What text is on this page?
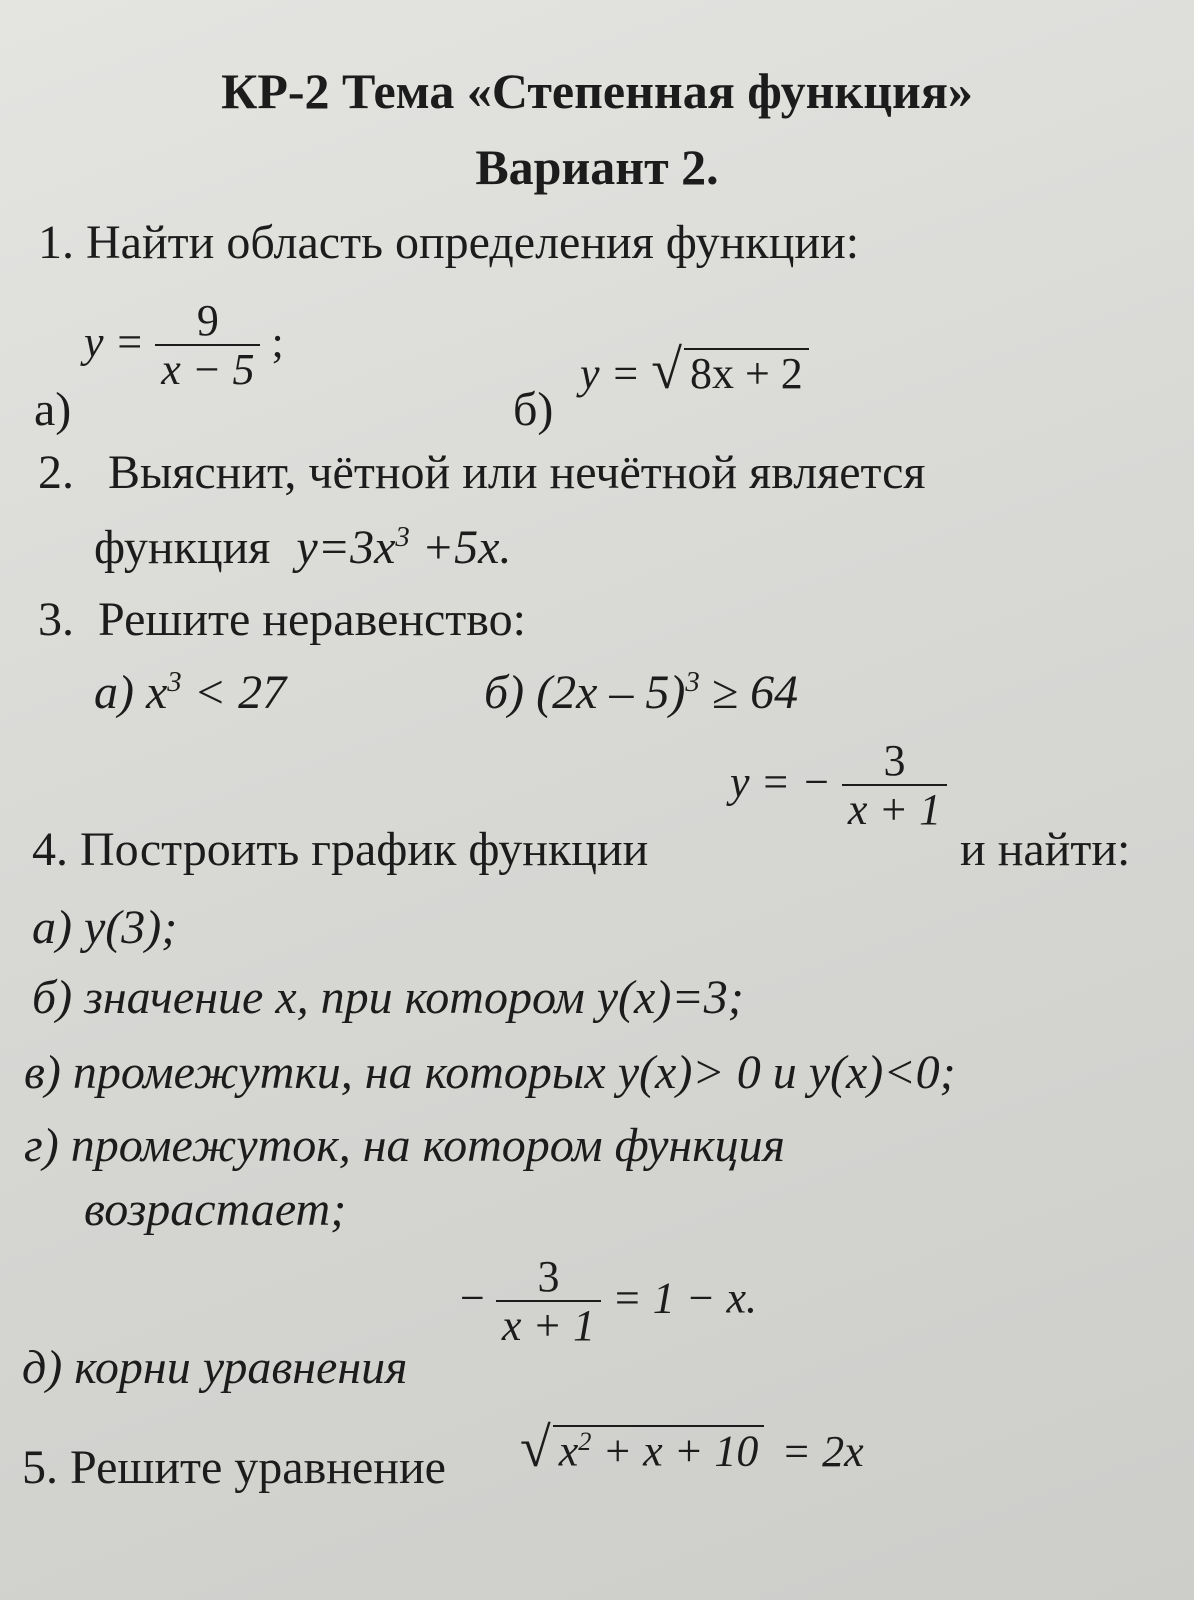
КР-2 Тема «Степенная функция»
Вариант 2.
1. Найти область определения функции:
а)
$y = \frac{9}{x - 5}$ ;
б)
y = √ 8x + 2
2. Выяснит, чётной или нечётной является
функция $y=3x^3 +5x$.
3. Решите неравенство:
а) $x^3 < 27$	б) (2x – 5)$^3$ ≥ 64
4. Построить график функции
y = − $\frac{3}{x + 1}$
и найти:
а) y(3);
б) значение x, при котором y(x)=3;
в) промежутки, на которых y(x)> 0 и y(x)<0;
г) промежуток, на котором функция
возрастает;
д) корни уравнения
− $\frac{3}{x + 1} = 1 - x$.
5. Решите уравнение √ $x^2 + x + 10 = 2x$
